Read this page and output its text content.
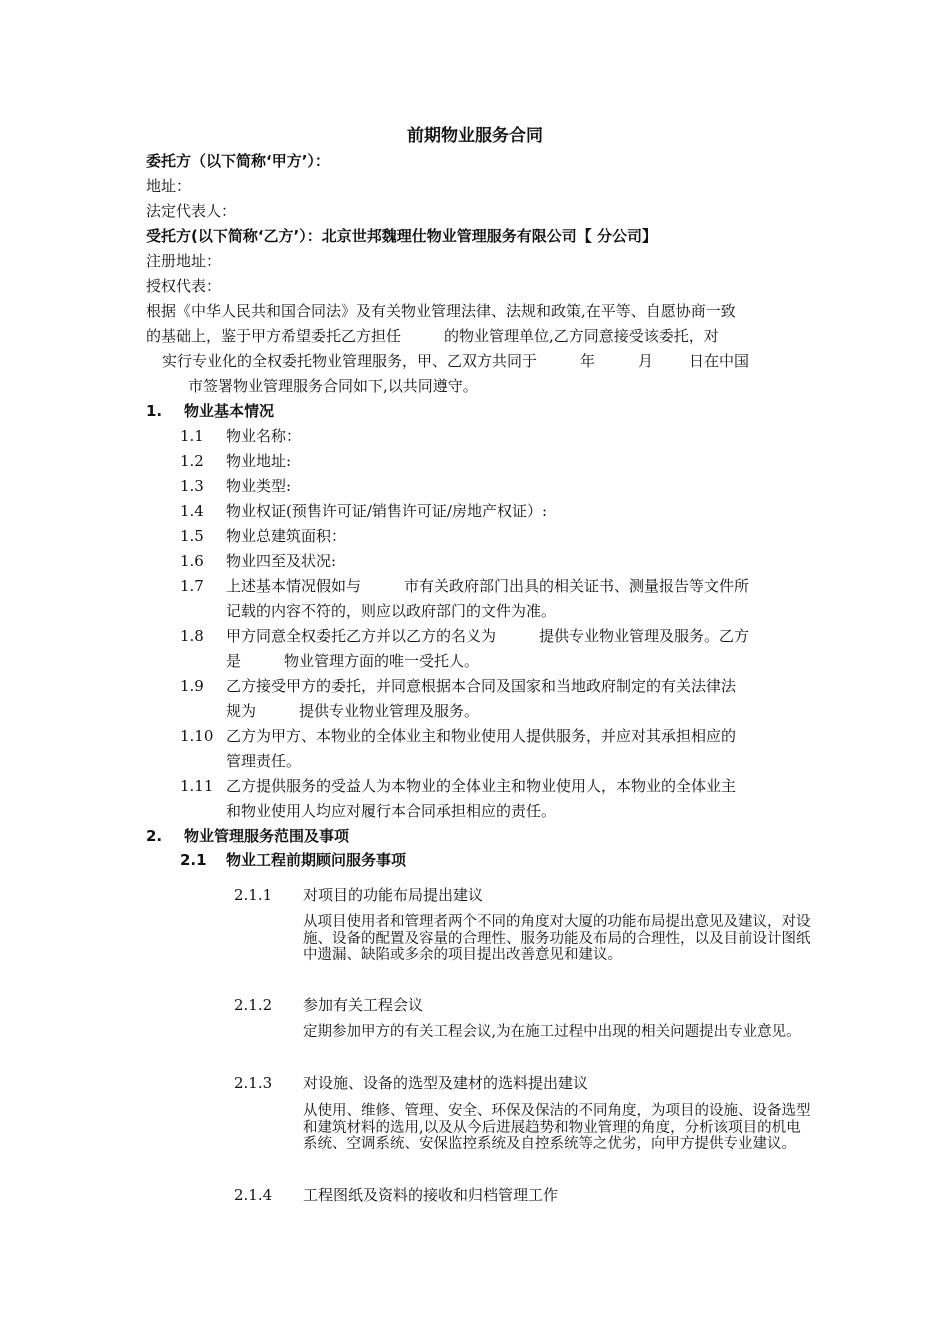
前期物业服务合同
委托方（以下简称‘甲方’）：
地址：
法定代表人：
受托方(以下简称‘乙方’）：北京世邦魏理仕物业管理服务有限公司【 分公司】
注册地址：
授权代表：
根据《中华人民共和国合同法》及有关物业管理法律、法规和政策,在平等、自愿协商一致
的基础上，鉴于甲方希望委托乙方担任	的物业管理单位,乙方同意接受该委托，对
实行专业化的全权委托物业管理服务，甲、乙双方共同于	年	月 日在中国
市签署物业管理服务合同如下,以共同遵守。
1. 物业基本情况
1.1 物业名称：
1.2 物业地址:
1.3 物业类型:
1.4 物业权证(预售许可证/销售许可证/房地产权证）:
1.5 物业总建筑面积：
1.6 物业四至及状况:
1.7 上述基本情况假如与	市有关政府部门出具的相关证书、测量报告等文件所
记载的内容不符的，则应以政府部门的文件为准。
1.8 甲方同意全权委托乙方并以乙方的名义为	提供专业物业管理及服务。乙方
是	物业管理方面的唯一受托人。
1.9 乙方接受甲方的委托，并同意根据本合同及国家和当地政府制定的有关法律法
规为	提供专业物业管理及服务。
1.10 乙方为甲方、本物业的全体业主和物业使用人提供服务，并应对其承担相应的
管理责任。
1.11 乙方提供服务的受益人为本物业的全体业主和物业使用人，本物业的全体业主
和物业使用人均应对履行本合同承担相应的责任。
2. 物业管理服务范围及事项
2.1 物业工程前期顾问服务事项
2.1.1 对项目的功能布局提出建议
从项目使用者和管理者两个不同的角度对大厦的功能布局提出意见及建议，对设施、设备的配置及容量的合理性、服务功能及布局的合理性，以及目前设计图纸中遗漏、缺陷或多余的项目提出改善意见和建议。
2.1.2 参加有关工程会议
定期参加甲方的有关工程会议,为在施工过程中出现的相关问题提出专业意见。
2.1.3 对设施、设备的选型及建材的选料提出建议
从使用、维修、管理、安全、环保及保洁的不同角度，为项目的设施、设备选型和建筑材料的选用,以及从今后进展趋势和物业管理的角度，分析该项目的机电系统、空调系统、安保监控系统及自控系统等之优劣，向甲方提供专业建议。
2.1.4 工程图纸及资料的接收和归档管理工作
